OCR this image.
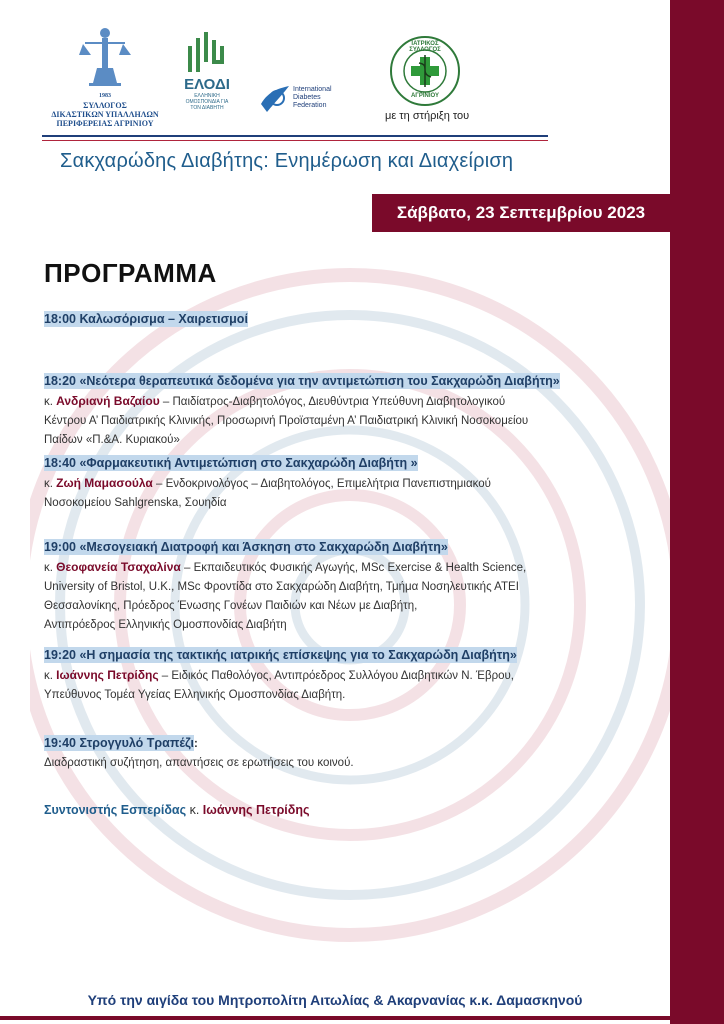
1983
ΣΥΛΛΟΓΟΣ
ΔΙΚΑΣΤΙΚΩΝ ΥΠΑΛΛΗΛΩΝ
ΠΕΡΙΦΕΡΕΙΑΣ ΑΓΡΙΝΙΟΥ
ΕΛΟΔΙ
ΕΛΛΗΝΙΚΗ ΟΜΟΣΠΟΝΔΙΑ ΓΙΑ ΤΟΝ ΔΙΑΒΗΤΗ
International
Diabetes
Federation
ΙΑΤΡΙΚΟΣ ΣΥΛΛΟΓΟΣ
ΑΓΡΙΝΙΟΥ
με τη στήριξη του
Σακχαρώδης Διαβήτης: Ενημέρωση και Διαχείριση
Σάββατο, 23 Σεπτεμβρίου 2023
ΠΡΟΓΡΑΜΜΑ

18:00 Καλωσόρισμα – Χαιρετισμοί

18:20 «Νεότερα θεραπευτικά δεδομένα για την αντιμετώπιση του Σακχαρώδη Διαβήτη»

κ. Ανδριανή Βαζαίου – Παιδίατρος-Διαβητολόγος, Διευθύντρια Υπεύθυνη Διαβητολογικού

Κέντρου Α’ Παιδιατρικής Κλινικής, Προσωρινή Προϊσταμένη Α’ Παιδιατρική Κλινική Νοσοκομείου

Παίδων «Π.&Α. Κυριακού»

18:40 «Φαρμακευτική Αντιμετώπιση στο Σακχαρώδη Διαβήτη »

κ. Ζωή Μαμασούλα – Ενδοκρινολόγος – Διαβητολόγος, Επιμελήτρια Πανεπιστημιακού

Νοσοκομείου Sahlgrenska, Σουηδία

19:00 «Μεσογειακή Διατροφή και Άσκηση στο Σακχαρώδη Διαβήτη»

κ. Θεοφανεία Τσαχαλίνα – Εκπαιδευτικός Φυσικής Αγωγής, MSc Exercise & Health Science,

University of Bristol, U.K., MSc Φροντίδα στο Σακχαρώδη Διαβήτη, Τμήμα Νοσηλευτικής ΑΤΕΙ

Θεσσαλονίκης, Πρόεδρος Ένωσης Γονέων Παιδιών και Νέων με Διαβήτη,

Αντιπρόεδρος Ελληνικής Ομοσπονδίας Διαβήτη

19:20 «Η σημασία της τακτικής ιατρικής επίσκεψης για το Σακχαρώδη Διαβήτη»

κ. Ιωάννης Πετρίδης – Ειδικός Παθολόγος, Αντιπρόεδρος Συλλόγου Διαβητικών Ν. Έβρου,

Υπεύθυνος Τομέα Υγείας Ελληνικής Ομοσπονδίας Διαβήτη.

19:40 Στρογγυλό Τραπέζι:

Διαδραστική συζήτηση, απαντήσεις σε ερωτήσεις του κοινού.

Συντονιστής Εσπερίδας κ. Ιωάννης Πετρίδης
Υπό την αιγίδα του Μητροπολίτη Αιτωλίας & Ακαρνανίας κ.κ. Δαμασκηνού
